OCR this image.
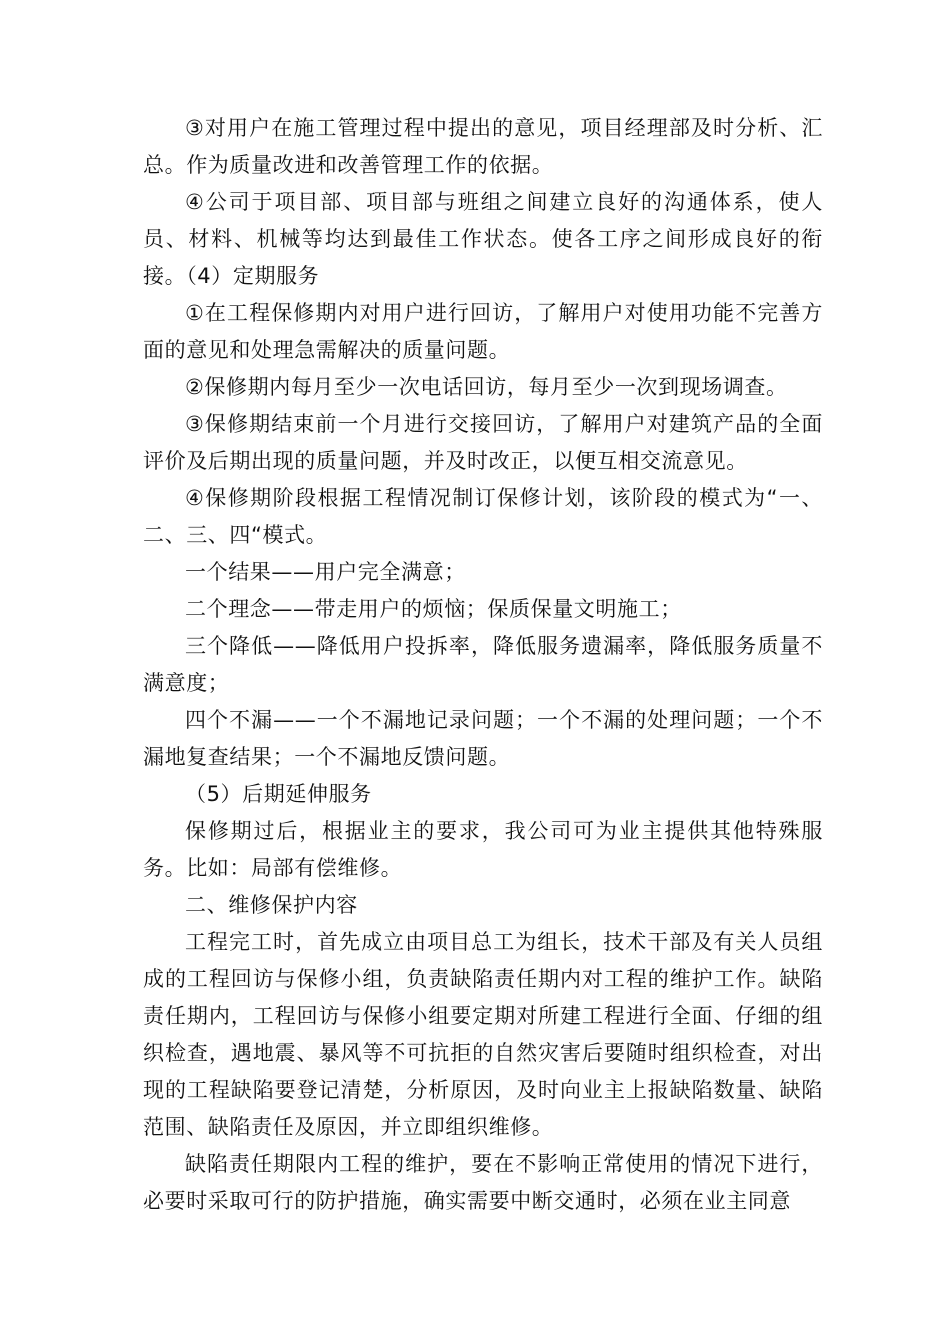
③对用户在施工管理过程中提出的意见，项目经理部及时分析、汇总。作为质量改进和改善管理工作的依据。

④公司于项目部、项目部与班组之间建立良好的沟通体系，使人员、材料、机械等均达到最佳工作状态。使各工序之间形成良好的衔接。（4）定期服务

①在工程保修期内对用户进行回访，了解用户对使用功能不完善方面的意见和处理急需解决的质量问题。

②保修期内每月至少一次电话回访，每月至少一次到现场调查。

③保修期结束前一个月进行交接回访，了解用户对建筑产品的全面评价及后期出现的质量问题，并及时改正，以便互相交流意见。

④保修期阶段根据工程情况制订保修计划，该阶段的模式为“一、二、三、四“模式。

一个结果——用户完全满意；

二个理念——带走用户的烦恼；保质保量文明施工；

三个降低——降低用户投拆率，降低服务遗漏率，降低服务质量不满意度；

四个不漏——一个不漏地记录问题；一个不漏的处理问题；一个不漏地复查结果；一个不漏地反馈问题。

（5）后期延伸服务

保修期过后，根据业主的要求，我公司可为业主提供其他特殊服务。比如：局部有偿维修。

二、维修保护内容

工程完工时，首先成立由项目总工为组长，技术干部及有关人员组成的工程回访与保修小组，负责缺陷责任期内对工程的维护工作。缺陷责任期内，工程回访与保修小组要定期对所建工程进行全面、仔细的组织检查，遇地震、暴风等不可抗拒的自然灾害后要随时组织检查，对出现的工程缺陷要登记清楚，分析原因，及时向业主上报缺陷数量、缺陷范围、缺陷责任及原因，并立即组织维修。

缺陷责任期限内工程的维护，要在不影响正常使用的情况下进行，必要时采取可行的防护措施，确实需要中断交通时，必须在业主同意
